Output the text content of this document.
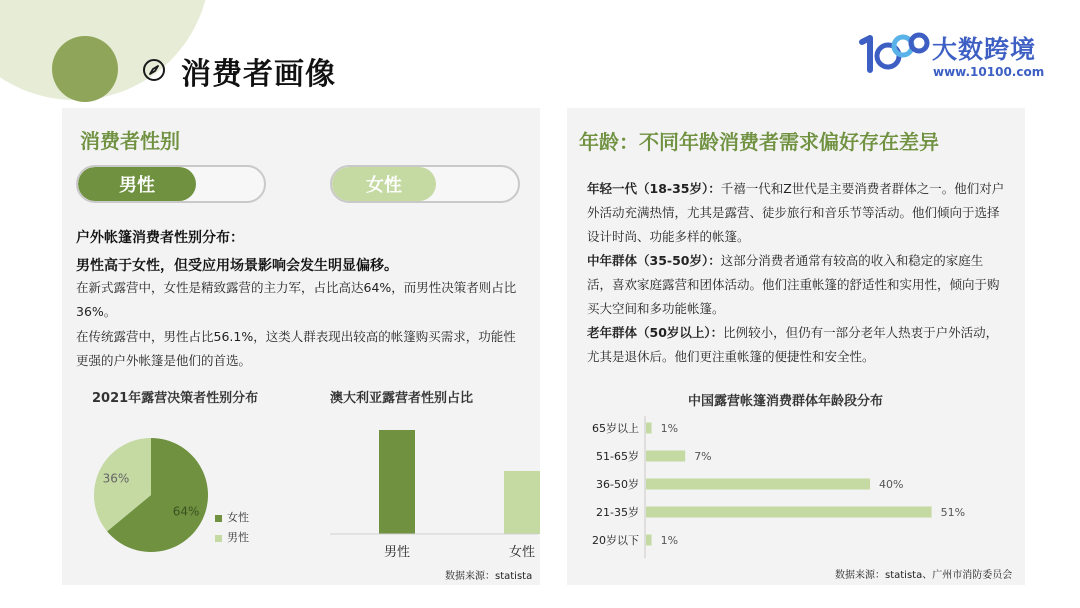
消费者画像
大数跨境
www.10100.com
消费者性别
男性	女性
户外帐篷消费者性别分布：
男性高于女性，但受应用场景影响会发生明显偏移。
在新式露营中，女性是精致露营的主力军，占比高达64%，而男性决策者则占比36%。
在传统露营中，男性占比56.1%，这类人群表现出较高的帐篷购买需求，功能性更强的户外帐篷是他们的首选。
2021年露营决策者性别分布
64%
36%
女性
男性
澳大利亚露营者性别占比
男性	女性
数据来源：statista
年龄：不同年龄消费者需求偏好存在差异
年轻一代（18-35岁）：千禧一代和Z世代是主要消费者群体之一。他们对户外活动充满热情，尤其是露营、徒步旅行和音乐节等活动。他们倾向于选择设计时尚、功能多样的帐篷。
中年群体（35-50岁）：这部分消费者通常有较高的收入和稳定的家庭生活，喜欢家庭露营和团体活动。他们注重帐篷的舒适性和实用性，倾向于购买大空间和多功能帐篷。
老年群体（50岁以上）：比例较小，但仍有一部分老年人热衷于户外活动，尤其是退休后。他们更注重帐篷的便捷性和安全性。
中国露营帐篷消费群体年龄段分布
65岁以上 1%
51-65岁	7%
36-50岁	40%
21-35岁	51%
20岁以下 1%
数据来源：statista、广州市消防委员会
